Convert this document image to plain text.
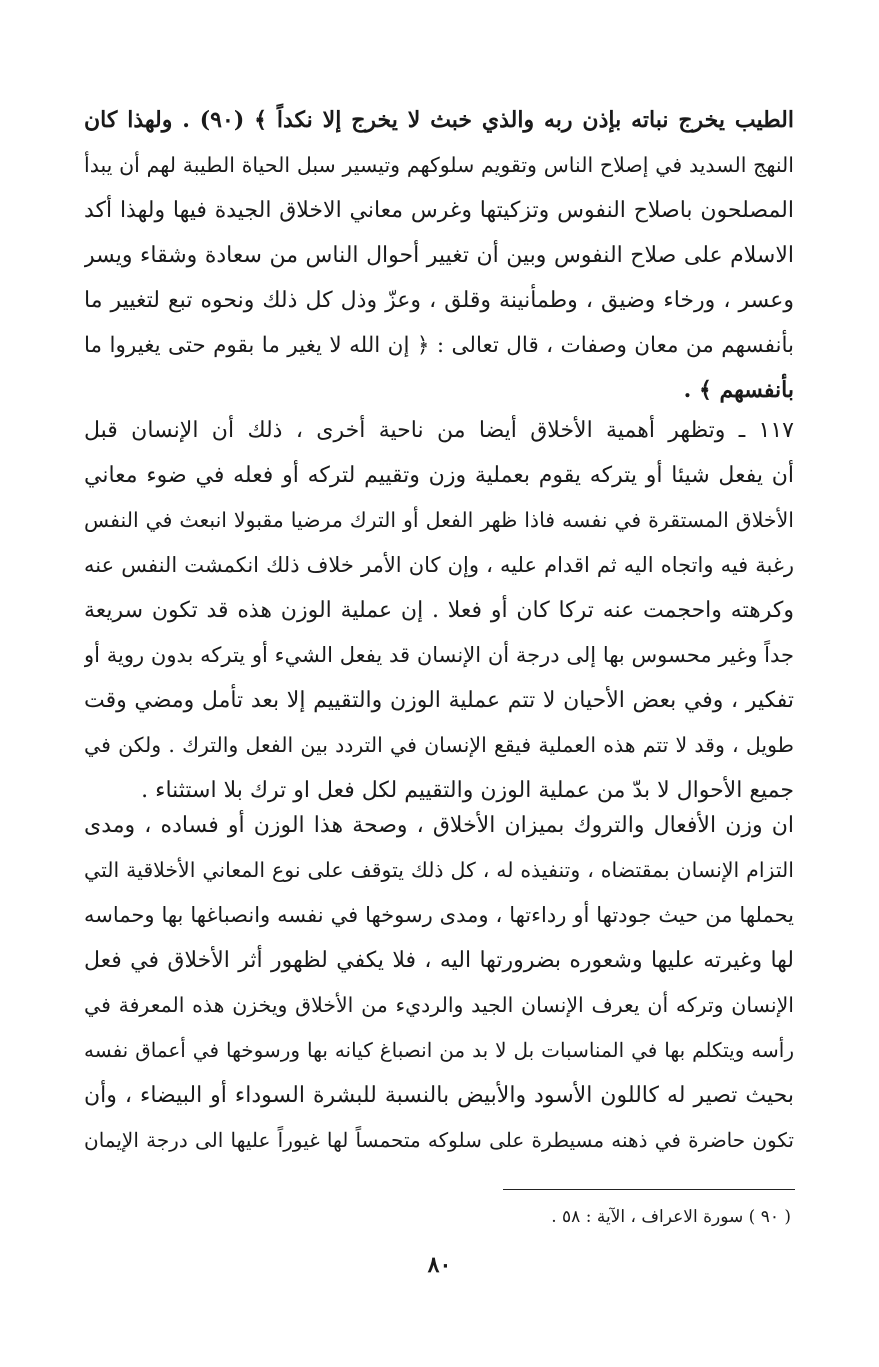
الطيب يخرج نباته بإذن ربه والذي خبث لا يخرج إلا نكداً ﴾ (٩٠) . ولهذا كان
النهج السديد في إصلاح الناس وتقويم سلوكهم وتيسير سبل الحياة الطيبة لهم أن يبدأ
المصلحون باصلاح النفوس وتزكيتها وغرس معاني الاخلاق الجيدة فيها ولهذا أكد
الاسلام على صلاح النفوس وبين أن تغيير أحوال الناس من سعادة وشقاء ويسر
وعسر ، ورخاء وضيق ، وطمأنينة وقلق ، وعزّ وذل كل ذلك ونحوه تبع لتغيير ما
بأنفسهم من معان وصفات ، قال تعالى : ﴿ إن الله لا يغير ما بقوم حتى يغيروا ما
بأنفسهم ﴾ .
١١٧ ـ وتظهر أهمية الأخلاق أيضا من ناحية أخرى ، ذلك أن الإنسان قبل
أن يفعل شيئا أو يتركه يقوم بعملية وزن وتقييم لتركه أو فعله في ضوء معاني
الأخلاق المستقرة في نفسه فاذا ظهر الفعل أو الترك مرضيا مقبولا انبعث في النفس
رغبة فيه واتجاه اليه ثم اقدام عليه ، وإن كان الأمر خلاف ذلك انكمشت النفس عنه
وكرهته واحجمت عنه تركا كان أو فعلا . إن عملية الوزن هذه قد تكون سريعة
جداً وغير محسوس بها إلى درجة أن الإنسان قد يفعل الشيء أو يتركه بدون روية أو
تفكير ، وفي بعض الأحيان لا تتم عملية الوزن والتقييم إلا بعد تأمل ومضي وقت
طويل ، وقد لا تتم هذه العملية فيقع الإنسان في التردد بين الفعل والترك . ولكن في
جميع الأحوال لا بدّ من عملية الوزن والتقييم لكل فعل او ترك بلا استثناء .
ان وزن الأفعال والتروك بميزان الأخلاق ، وصحة هذا الوزن أو فساده ، ومدى
التزام الإنسان بمقتضاه ، وتنفيذه له ، كل ذلك يتوقف على نوع المعاني الأخلاقية التي
يحملها من حيث جودتها أو رداءتها ، ومدى رسوخها في نفسه وانصباغها بها وحماسه
لها وغيرته عليها وشعوره بضرورتها اليه ، فلا يكفي لظهور أثر الأخلاق في فعل
الإنسان وتركه أن يعرف الإنسان الجيد والرديء من الأخلاق ويخزن هذه المعرفة في
رأسه ويتكلم بها في المناسبات بل لا بد من انصباغ كيانه بها ورسوخها في أعماق نفسه
بحيث تصير له كاللون الأسود والأبيض بالنسبة للبشرة السوداء أو البيضاء ، وأن
تكون حاضرة في ذهنه مسيطرة على سلوكه متحمساً لها غيوراً عليها الى درجة الإيمان
( ٩٠ ) سورة الاعراف ، الآية : ٥٨ .
٨٠
